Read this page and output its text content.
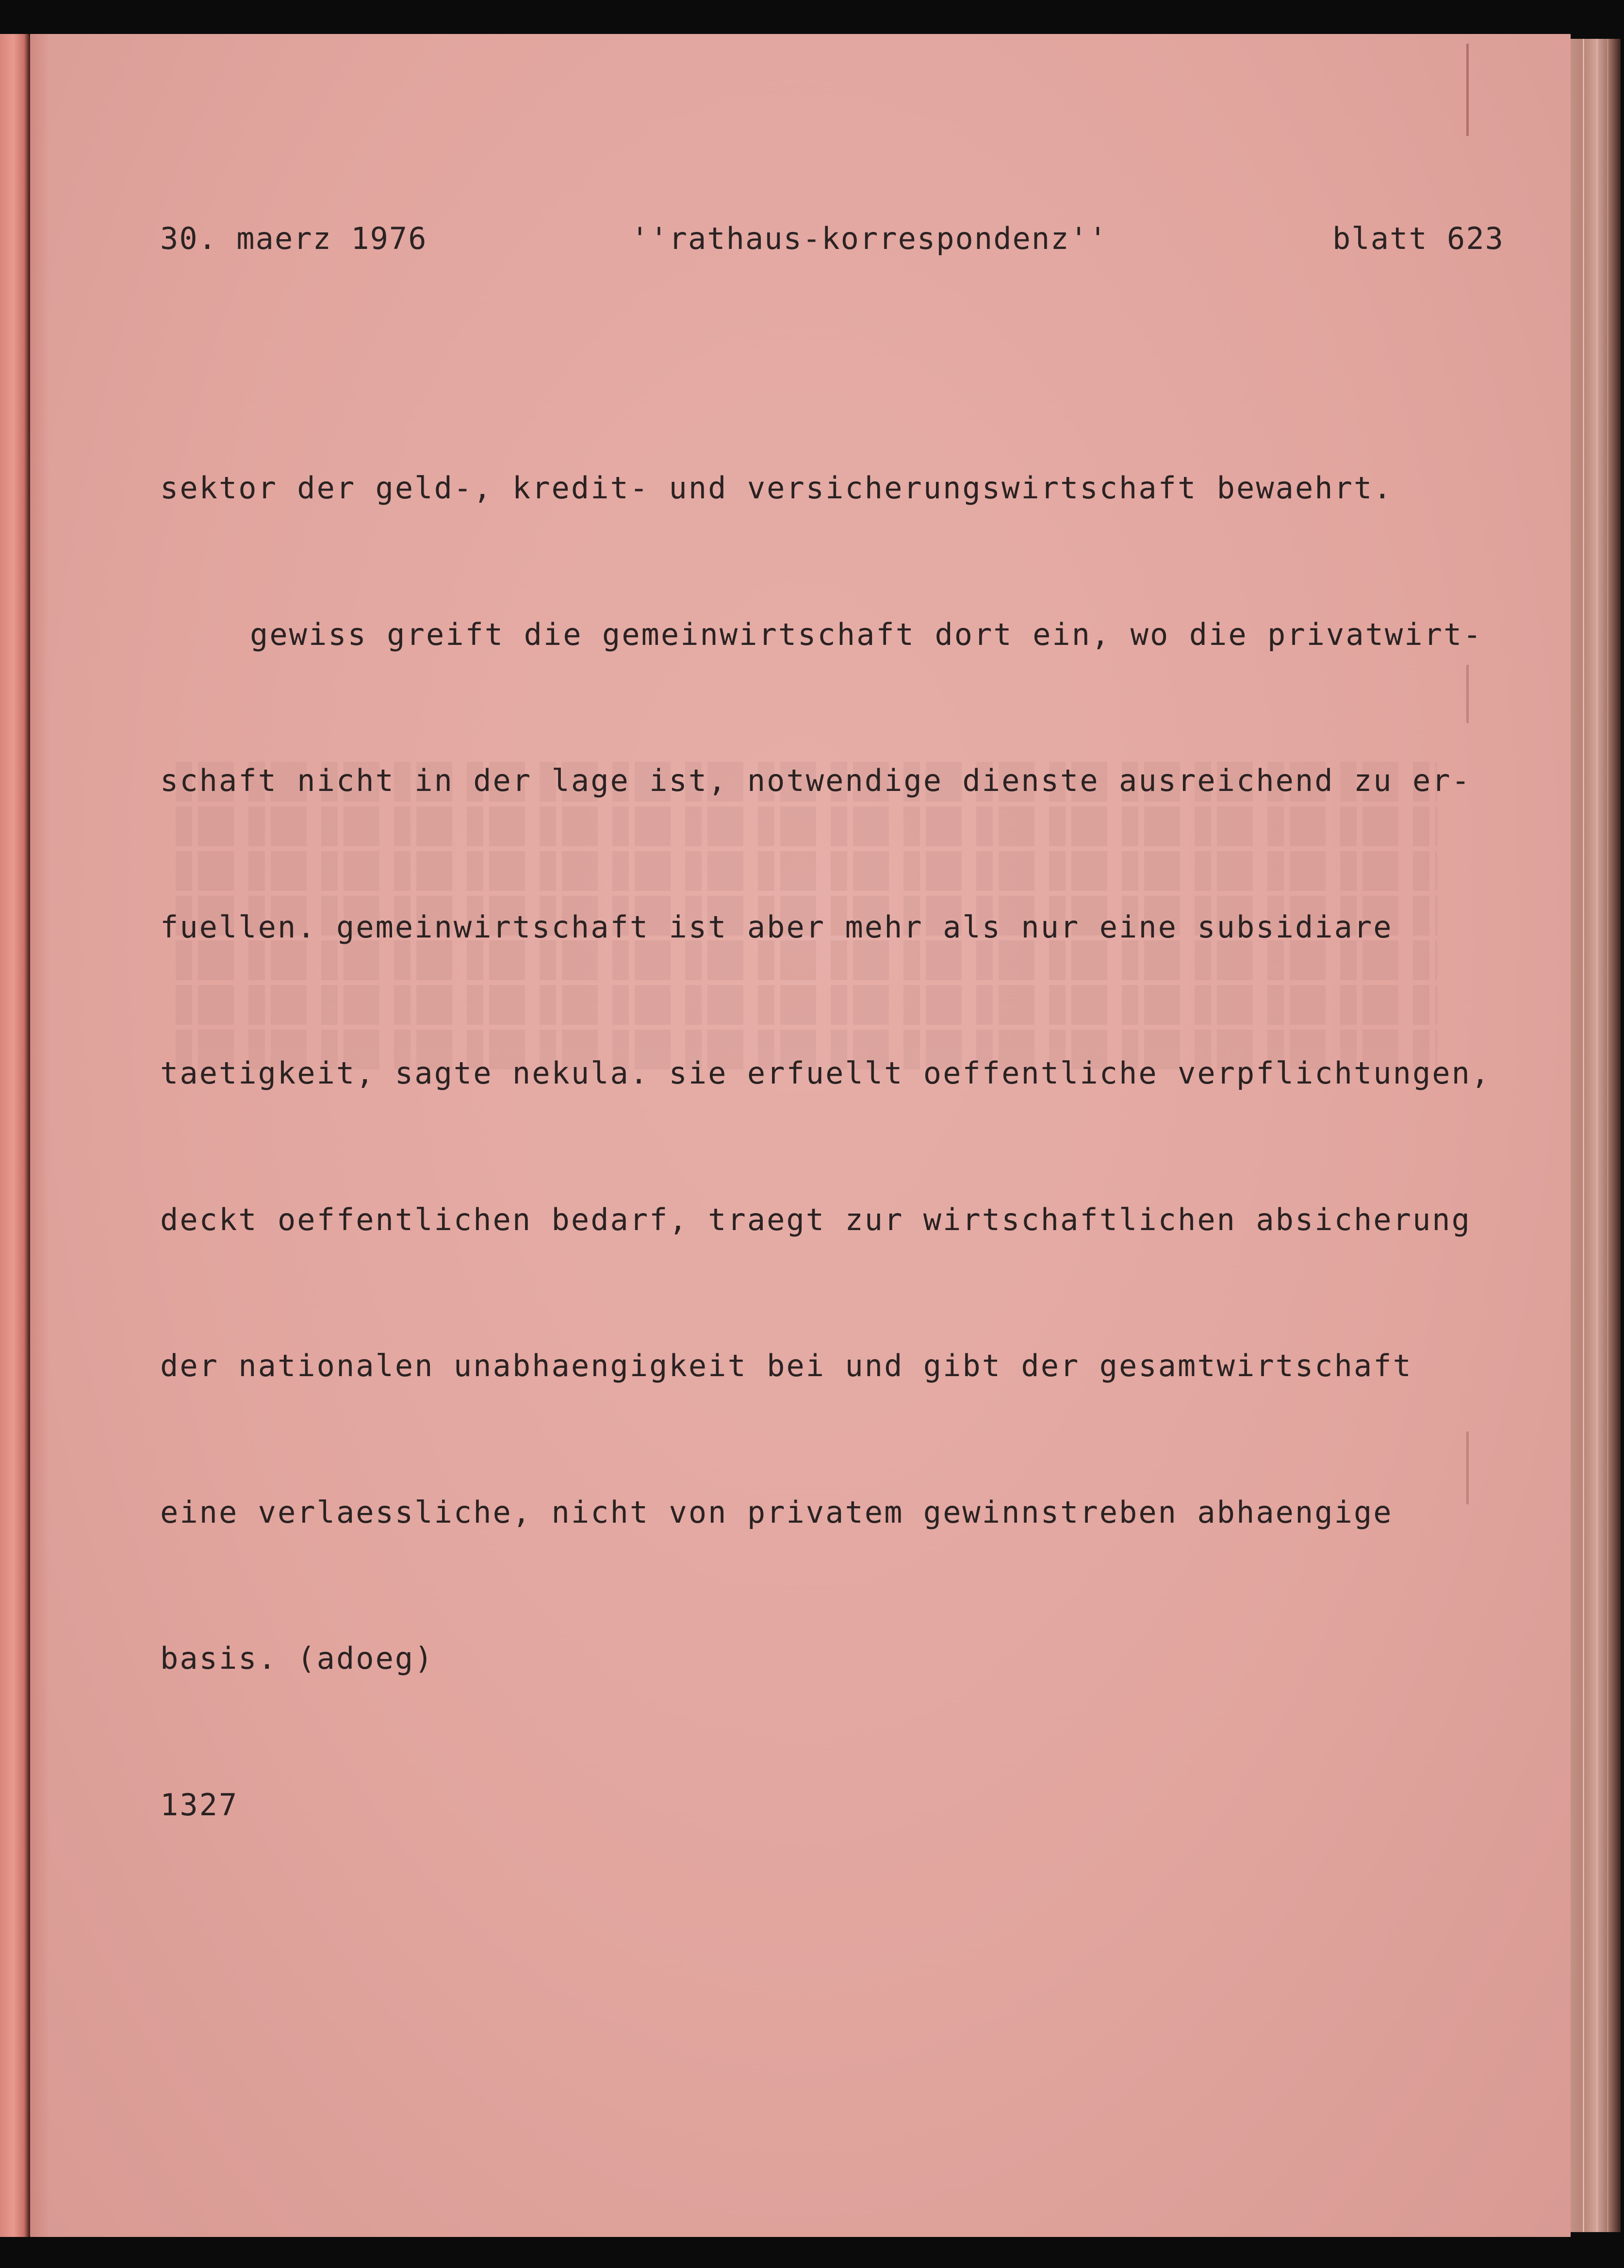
30. maerz 1976	''rathaus-korrespondenz''	blatt 623

sektor der geld-, kredit- und versicherungswirtschaft bewaehrt.

gewiss greift die gemeinwirtschaft dort ein, wo die privatwirt-

schaft nicht in der lage ist, notwendige dienste ausreichend zu er-

fuellen. gemeinwirtschaft ist aber mehr als nur eine subsidiare

taetigkeit, sagte nekula. sie erfuellt oeffentliche verpflichtungen,

deckt oeffentlichen bedarf, traegt zur wirtschaftlichen absicherung

der nationalen unabhaengigkeit bei und gibt der gesamtwirtschaft

eine verlaessliche, nicht von privatem gewinnstreben abhaengige

basis. (adoeg)

1327
